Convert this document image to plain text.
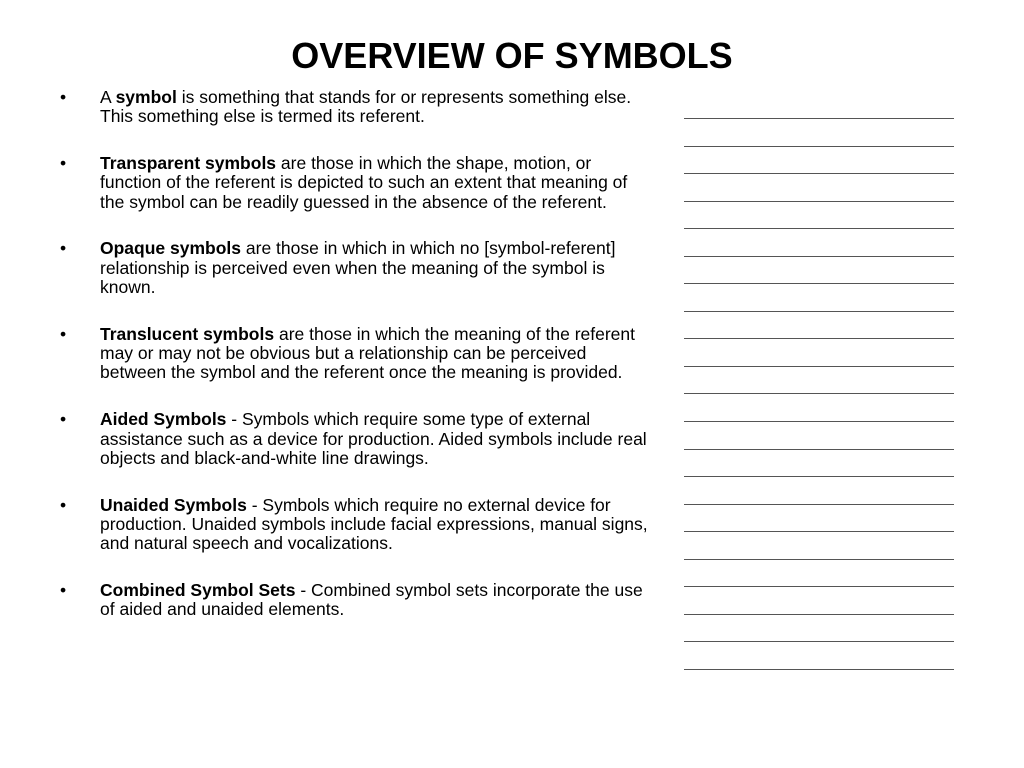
OVERVIEW OF SYMBOLS
•	A symbol is something that stands for or represents something else. This something else is termed its referent.
•	Transparent symbols are those in which the shape, motion, or function of the referent is depicted to such an extent that meaning of the symbol can be readily guessed in the absence of the referent.
•	Opaque symbols are those in which in which no [symbol-referent] relationship is perceived even when the meaning of the symbol is known.
•	Translucent symbols are those in which the meaning of the referent may or may not be obvious but a relationship can be perceived between the symbol and the referent once the meaning is provided.
•	Aided Symbols - Symbols which require some type of external assistance such as a device for production. Aided symbols include real objects and black-and-white line drawings.
•	Unaided Symbols - Symbols which require no external device for production. Unaided symbols include facial expressions, manual signs, and natural speech and vocalizations.
•	Combined Symbol Sets - Combined symbol sets incorporate the use of aided and unaided elements.
